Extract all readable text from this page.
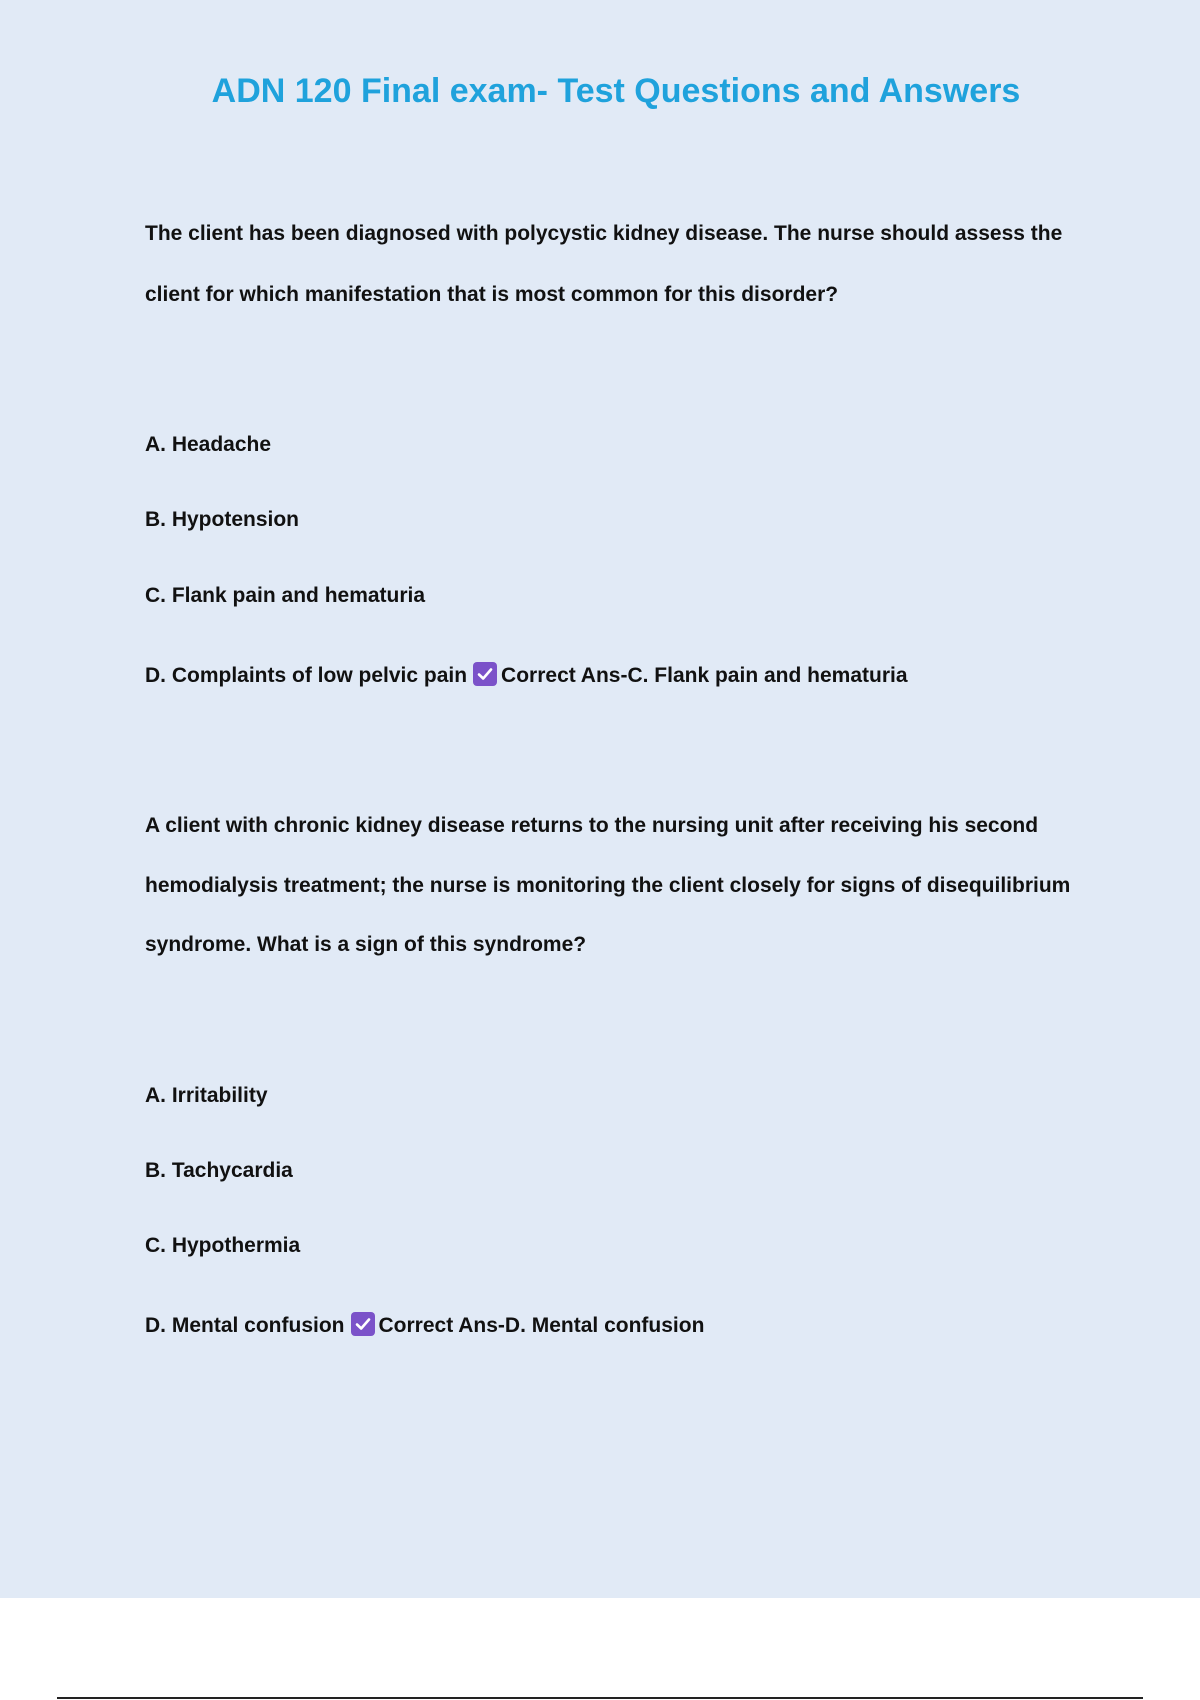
ADN 120 Final exam- Test Questions and Answers

The client has been diagnosed with polycystic kidney disease. The nurse should assess the

client for which manifestation that is most common for this disorder?

A. Headache

B. Hypotension

C. Flank pain and hematuria

D. Complaints of low pelvic pain Correct Ans-C. Flank pain and hematuria

A client with chronic kidney disease returns to the nursing unit after receiving his second

hemodialysis treatment; the nurse is monitoring the client closely for signs of disequilibrium

syndrome. What is a sign of this syndrome?

A. Irritability

B. Tachycardia

C. Hypothermia

D. Mental confusion Correct Ans-D. Mental confusion
